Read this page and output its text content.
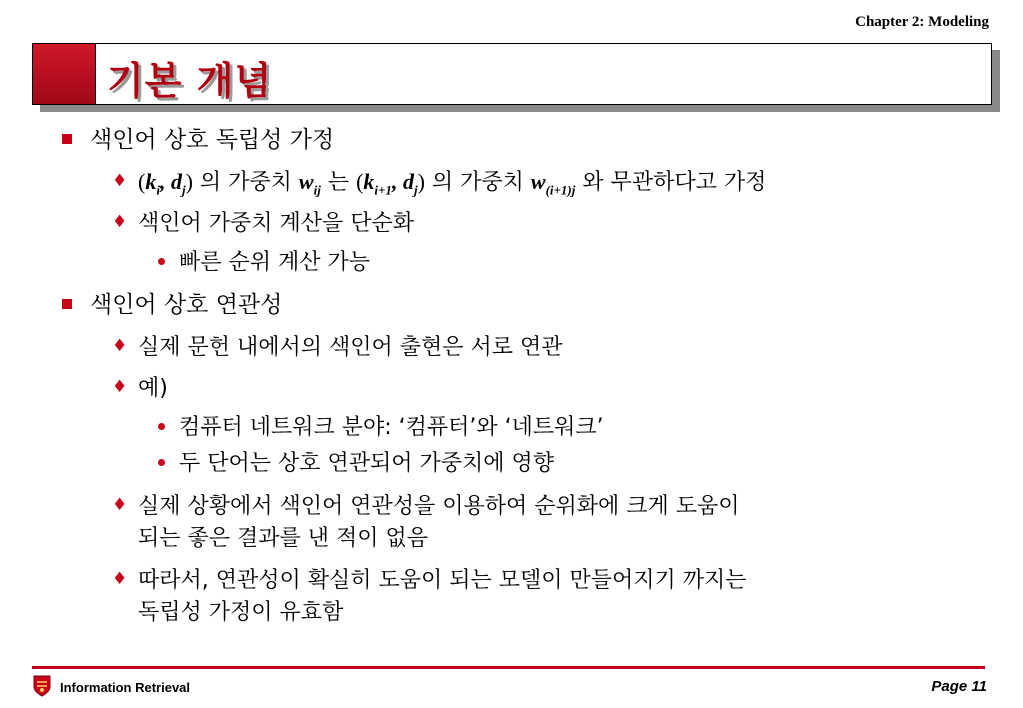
Chapter 2: Modeling
기본 개념
색인어 상호 독립성 가정
♦ ($k_i$, $d_j$) 의 가중치 $w_{ij}$ 는 ($k_{i+1}$, $d_j$) 의 가중치 $w_{(i+1)j}$ 와 무관하다고 가정
♦ 색인어 가중치 계산을 단순화
빠른 순위 계산 가능
색인어 상호 연관성
♦ 실제 문헌 내에서의 색인어 출현은 서로 연관
♦ 예)
컴퓨터 네트워크 분야: ‘컴퓨터’와 ‘네트워크’
두 단어는 상호 연관되어 가중치에 영향
♦ 실제 상황에서 색인어 연관성을 이용하여 순위화에 크게 도움이
되는 좋은 결과를 낸 적이 없음
♦ 따라서, 연관성이 확실히 도움이 되는 모델이 만들어지기 까지는
독립성 가정이 유효함
Information Retrieval	Page 11
